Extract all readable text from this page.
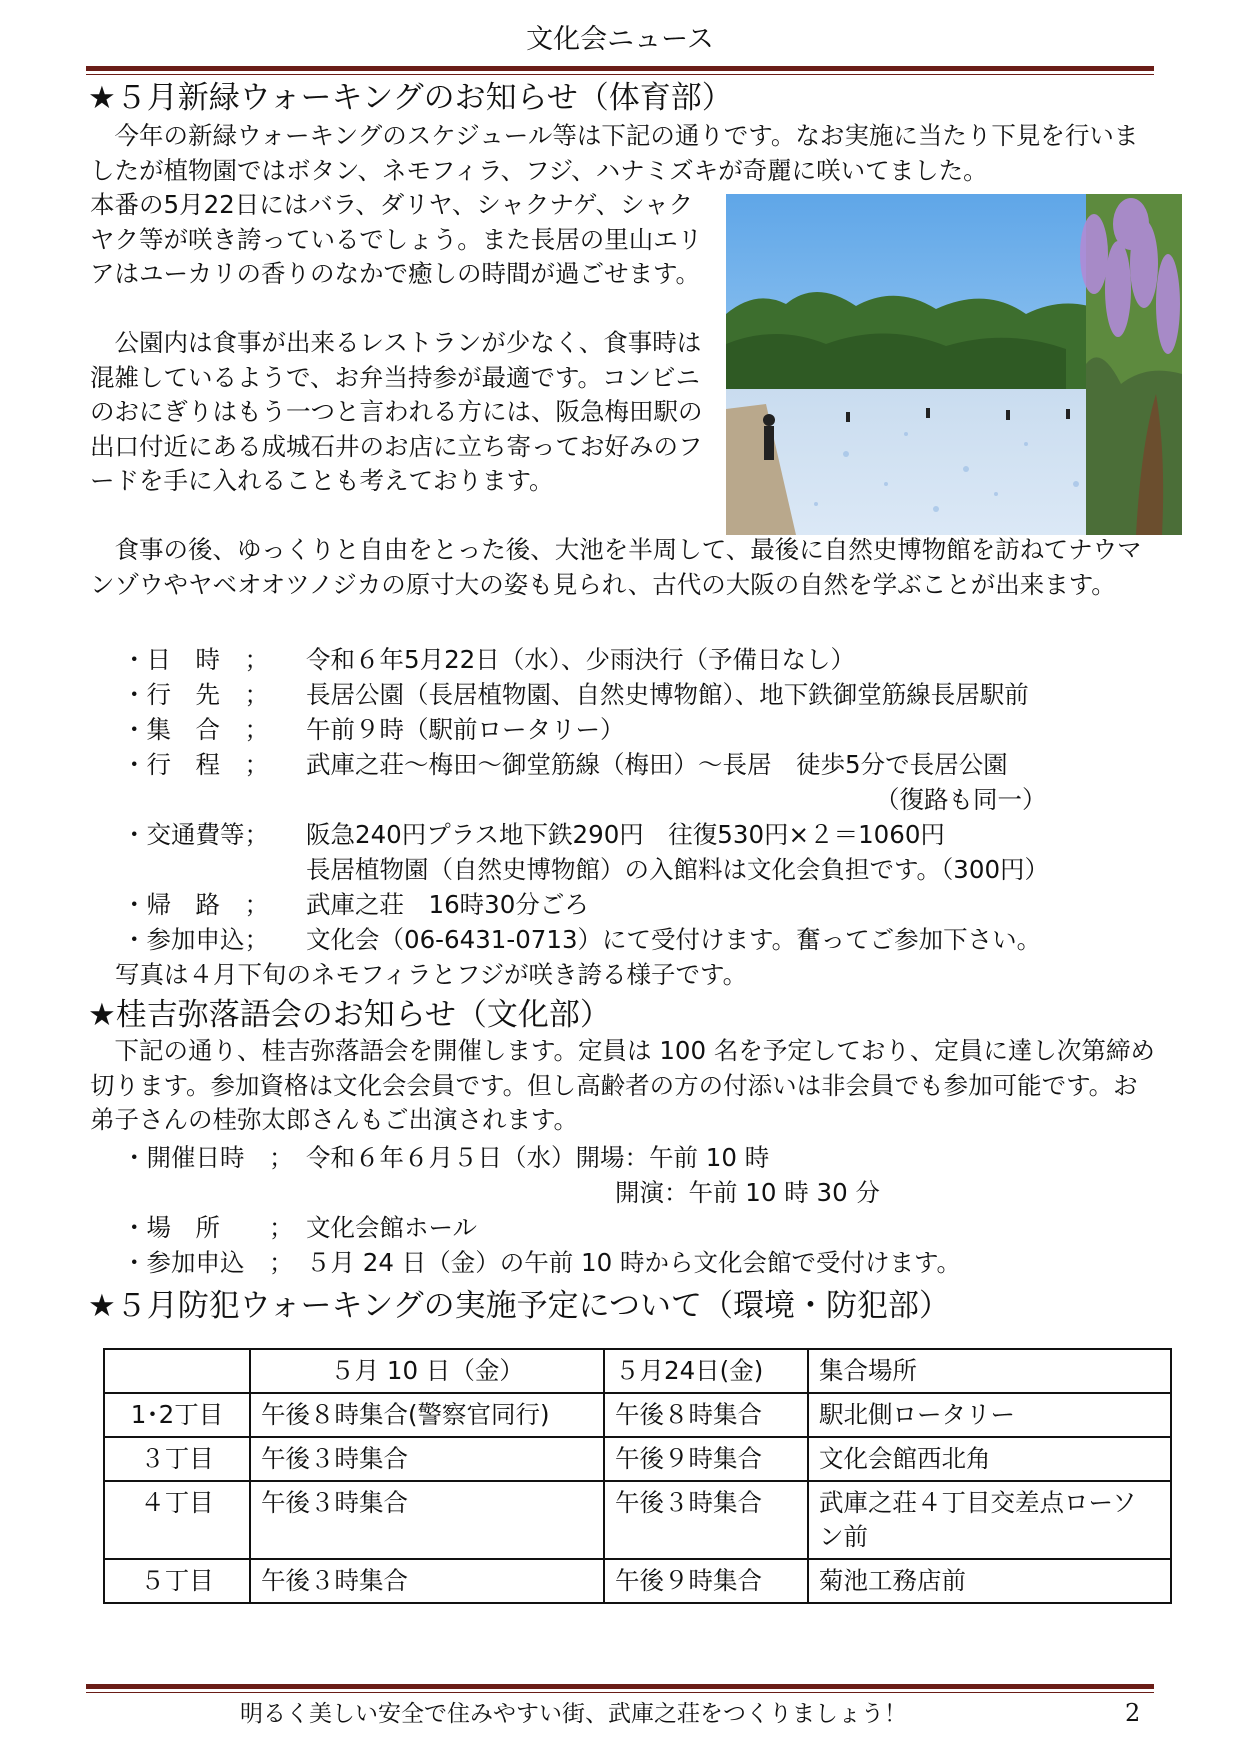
文化会ニュース
★５月新緑ウォーキングのお知らせ（体育部）

今年の新緑ウォーキングのスケジュール等は下記の通りです。なお実施に当たり下見を行いましたが植物園ではボタン、ネモフィラ、フジ、ハナミズキが奇麗に咲いてました。

本番の5月22日にはバラ、ダリヤ、シャクナゲ、シャクヤク等が咲き誇っているでしょう。また長居の里山エリアはユーカリの香りのなかで癒しの時間が過ごせます。

公園内は食事が出来るレストランが少なく、食事時は混雑しているようで、お弁当持参が最適です。コンビニのおにぎりはもう一つと言われる方には、阪急梅田駅の出口付近にある成城石井のお店に立ち寄ってお好みのフードを手に入れることも考えております。

食事の後、ゆっくりと自由をとった後、大池を半周して、最後に自然史博物館を訪ねてナウマンゾウやヤベオオツノジカの原寸大の姿も見られ、古代の大阪の自然を学ぶことが出来ます。

・日　時　； 令和６年5月22日（水）、少雨決行（予備日なし）
・行　先　； 長居公園（長居植物園、自然史博物館）、地下鉄御堂筋線長居駅前
・集　合　； 午前９時（駅前ロータリー）
・行　程　； 武庫之荘～梅田～御堂筋線（梅田）～長居　徒歩5分で長居公園
（復路も同一）
・交通費等； 阪急240円プラス地下鉄290円　往復530円×２＝1060円
長居植物園（自然史博物館）の入館料は文化会負担です。（300円）
・帰　路　； 武庫之荘　16時30分ごろ
・参加申込； 文化会（06-6431-0713）にて受付けます。奮ってご参加下さい。
写真は４月下旬のネモフィラとフジが咲き誇る様子です。
★桂吉弥落語会のお知らせ（文化部）

下記の通り、桂吉弥落語会を開催します。定員は 100 名を予定しており、定員に達し次第締め切ります。参加資格は文化会会員です。但し高齢者の方の付添いは非会員でも参加可能です。お弟子さんの桂弥太郎さんもご出演されます。

・開催日時　； 令和６年６月５日（水）開場：午前 10 時
開演：午前 10 時 30 分
・場　所　　； 文化会館ホール
・参加申込　； ５月 24 日（金）の午前 10 時から文化会館で受付けます。
★５月防犯ウォーキングの実施予定について（環境・防犯部）
	５月 10 日（金）	５月24日(金)	集合場所
1･2丁目	午後８時集合(警察官同行)	午後８時集合	駅北側ロータリー
３丁目	午後３時集合	午後９時集合	文化会館西北角
４丁目	午後３時集合	午後３時集合	武庫之荘４丁目交差点ローソン前
５丁目	午後３時集合	午後９時集合	菊池工務店前
明るく美しい安全で住みやすい街、武庫之荘をつくりましょう！	2
